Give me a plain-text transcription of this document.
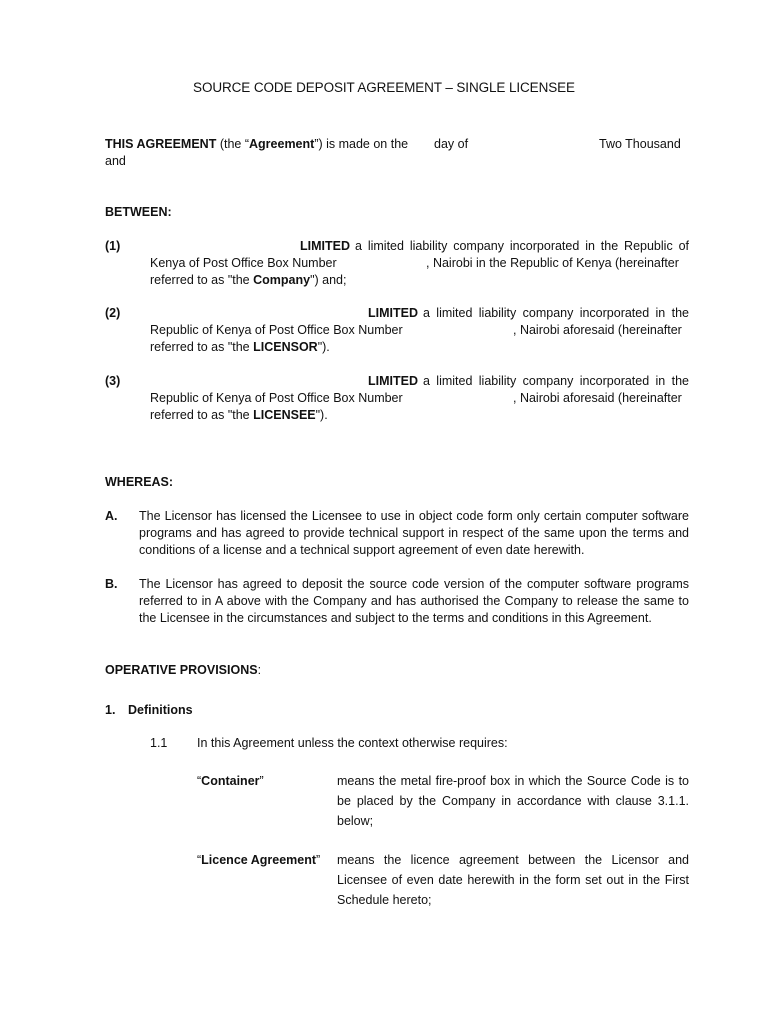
SOURCE CODE DEPOSIT AGREEMENT – SINGLE LICENSEE
THIS AGREEMENT (the “Agreement”) is made on the day of	Two Thousand
and
BETWEEN:
(1)	LIMITED a limited liability company incorporated in the Republic of
Kenya of Post Office Box Number	, Nairobi in the Republic of Kenya (hereinafter
referred to as "the Company") and;
(2)	LIMITED a limited liability company incorporated in the
Republic of Kenya of Post Office Box Number	, Nairobi aforesaid (hereinafter
referred to as "the LICENSOR").
(3)	LIMITED a limited liability company incorporated in the
Republic of Kenya of Post Office Box Number	, Nairobi aforesaid (hereinafter
referred to as "the LICENSEE").
WHEREAS:
A. The Licensor has licensed the Licensee to use in object code form only certain computer software
programs and has agreed to provide technical support in respect of the same upon the terms and
conditions of a license and a technical support agreement of even date herewith.
B. The Licensor has agreed to deposit the source code version of the computer software programs
referred to in A above with the Company and has authorised the Company to release the same to
the Licensee in the circumstances and subject to the terms and conditions in this Agreement.
OPERATIVE PROVISIONS:
1. Definitions
1.1 In this Agreement unless the context otherwise requires:
“Container”	means the metal fire-proof box in which the Source Code is to
be placed by the Company in accordance with clause 3.1.1.
below;
“Licence Agreement” means the licence agreement between the Licensor and
Licensee of even date herewith in the form set out in the First
Schedule hereto;
